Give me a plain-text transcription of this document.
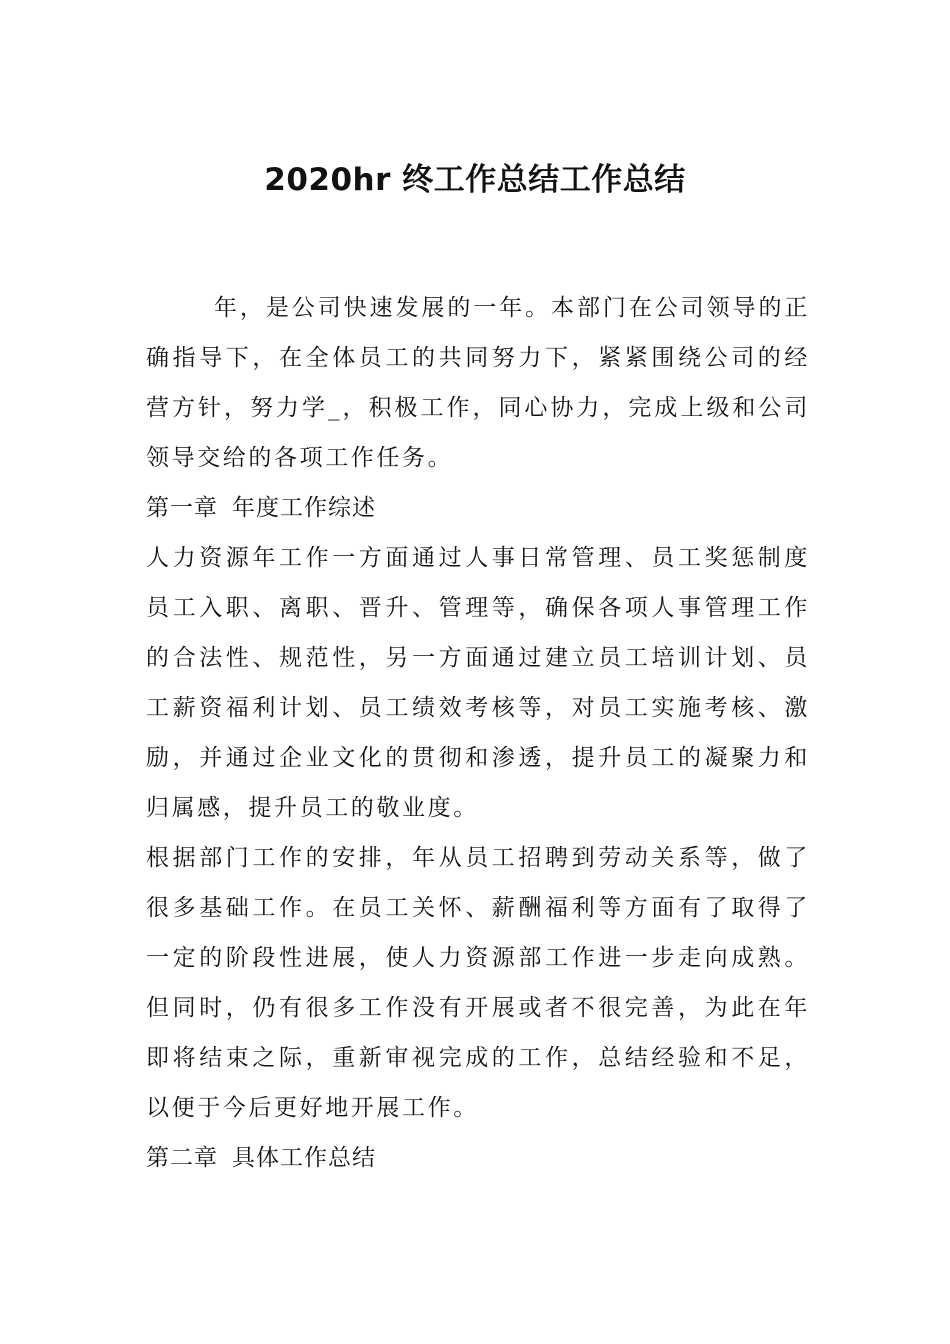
2020hr 终工作总结工作总结

年，是公司快速发展的一年。本部门在公司领导的正确指导下，在全体员工的共同努力下，紧紧围绕公司的经营方针，努力学_，积极工作，同心协力，完成上级和公司领导交给的各项工作任务。

第一章 年度工作综述

人力资源年工作一方面通过人事日常管理、员工奖惩制度员工入职、离职、晋升、管理等，确保各项人事管理工作的合法性、规范性，另一方面通过建立员工培训计划、员工薪资福利计划、员工绩效考核等，对员工实施考核、激励，并通过企业文化的贯彻和渗透，提升员工的凝聚力和归属感，提升员工的敬业度。

根据部门工作的安排，年从员工招聘到劳动关系等，做了很多基础工作。在员工关怀、薪酬福利等方面有了取得了一定的阶段性进展，使人力资源部工作进一步走向成熟。但同时，仍有很多工作没有开展或者不很完善，为此在年即将结束之际，重新审视完成的工作，总结经验和不足，以便于今后更好地开展工作。

第二章 具体工作总结
